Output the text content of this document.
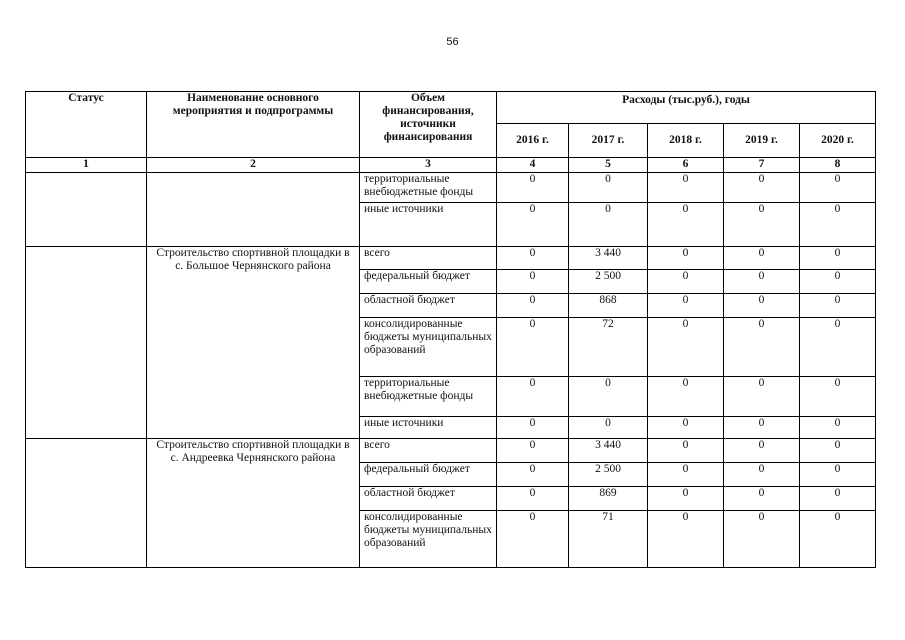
56
Статус	Наименование основного мероприятия и подпрограммы	Объем финансирования, источники финансирования	Расходы (тыс.руб.), годы				
			2016 г.	2017 г.	2018 г.	2019 г.	2020 г.
1	2	3	4	5	6	7	8
		территориальные внебюджетные фонды	0	0	0	0	0
		иные источники	0	0	0	0	0
	Строительство спортивной площадки в с. Большое Чернянского района	всего	0	3 440	0	0	0
		федеральный бюджет	0	2 500	0	0	0
		областной бюджет	0	868	0	0	0
		консолидированные бюджеты муниципальных образований	0	72	0	0	0
		территориальные внебюджетные фонды	0	0	0	0	0
		иные источники	0	0	0	0	0
	Строительство спортивной площадки в с. Андреевка Чернянского района	всего	0	3 440	0	0	0
		федеральный бюджет	0	2 500	0	0	0
		областной бюджет	0	869	0	0	0
		консолидированные бюджеты муниципальных образований	0	71	0	0	0
